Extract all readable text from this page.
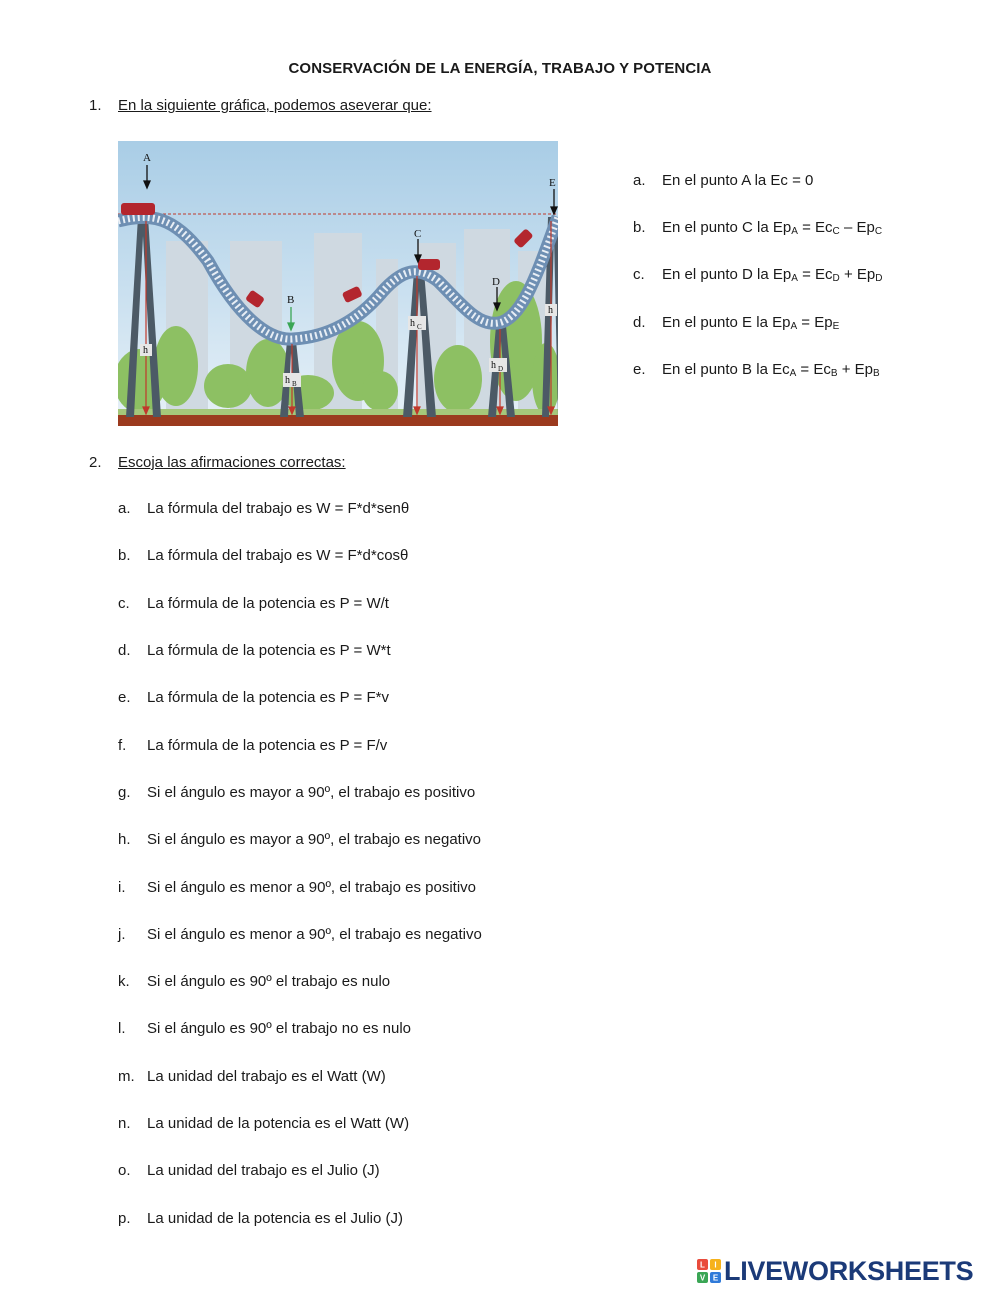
CONSERVACIÓN DE LA ENERGÍA, TRABAJO Y POTENCIA
1. En la siguiente gráfica, podemos aseverar que:
A
E
C
D
B
h
h
h B
h C
h D
a. En el punto A la Ec = 0
b. En el punto C la $Ep_A = Ec_C - Ep_C$
c. En el punto D la $Ep_A = Ec_D + Ep_D$
d. En el punto E la $Ep_A = Ep_E$
e. En el punto B la $Ec_A = Ec_B + Ep_B$
2. Escoja las afirmaciones correctas:
a. La fórmula del trabajo es W = F*d*senθ
b. La fórmula del trabajo es W = F*d*cosθ
c. La fórmula de la potencia es P = W/t
d. La fórmula de la potencia es P = W*t
e. La fórmula de la potencia es P = F*v
f. La fórmula de la potencia es P = F/v
g. Si el ángulo es mayor a 90º, el trabajo es positivo
h. Si el ángulo es mayor a 90º, el trabajo es negativo
i. Si el ángulo es menor a 90º, el trabajo es positivo
j. Si el ángulo es menor a 90º, el trabajo es negativo
k. Si el ángulo es 90º el trabajo es nulo
l. Si el ángulo es 90º el trabajo no es nulo
m. La unidad del trabajo es el Watt (W)
n. La unidad de la potencia es el Watt (W)
o. La unidad del trabajo es el Julio (J)
p. La unidad de la potencia es el Julio (J)
L I
V E LIVEWORKSHEETS
